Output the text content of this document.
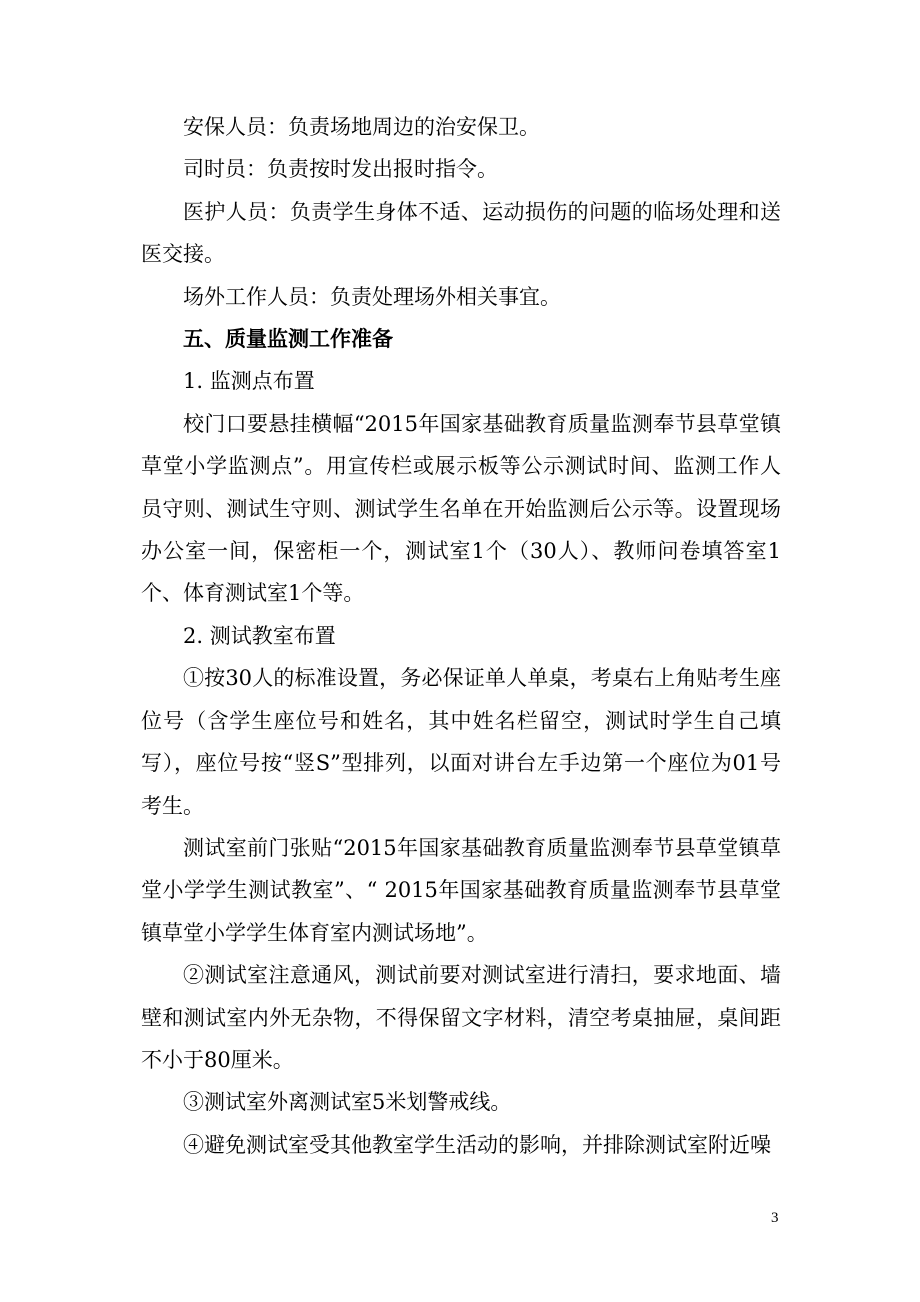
安保人员：负责场地周边的治安保卫。

司时员：负责按时发出报时指令。

医护人员：负责学生身体不适、运动损伤的问题的临场处理和送医交接。

场外工作人员：负责处理场外相关事宜。

五、质量监测工作准备

1. 监测点布置

校门口要悬挂横幅“2015年国家基础教育质量监测奉节县草堂镇草堂小学监测点”。用宣传栏或展示板等公示测试时间、监测工作人员守则、测试生守则、测试学生名单在开始监测后公示等。设置现场办公室一间，保密柜一个，测试室1个（30人）、教师问卷填答室1个、体育测试室1个等。

2. 测试教室布置

①按30人的标准设置，务必保证单人单桌，考桌右上角贴考生座位号（含学生座位号和姓名，其中姓名栏留空，测试时学生自己填写），座位号按“竖S”型排列，以面对讲台左手边第一个座位为01号考生。

测试室前门张贴“2015年国家基础教育质量监测奉节县草堂镇草堂小学学生测试教室”、“ 2015年国家基础教育质量监测奉节县草堂镇草堂小学学生体育室内测试场地”。

②测试室注意通风，测试前要对测试室进行清扫，要求地面、墙壁和测试室内外无杂物，不得保留文字材料，清空考桌抽屉，桌间距不小于80厘米。

③测试室外离测试室5米划警戒线。

④避免测试室受其他教室学生活动的影响，并排除测试室附近噪

3
